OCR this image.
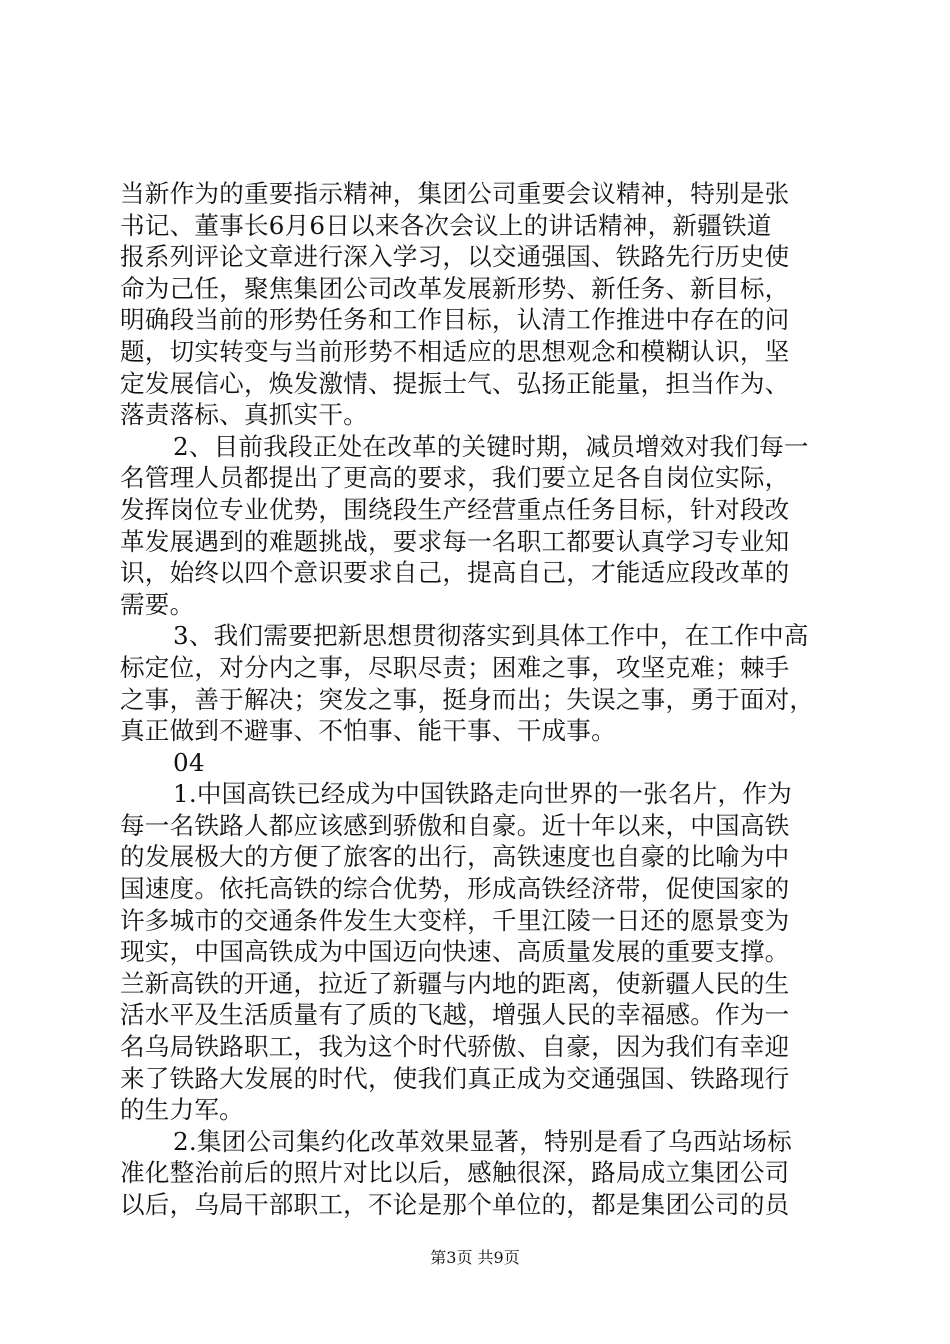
当新作为的重要指示精神，集团公司重要会议精神，特别是张
书记、董事长6月6日以来各次会议上的讲话精神，新疆铁道
报系列评论文章进行深入学习，以交通强国、铁路先行历史使
命为己任，聚焦集团公司改革发展新形势、新任务、新目标，
明确段当前的形势任务和工作目标，认清工作推进中存在的问
题，切实转变与当前形势不相适应的思想观念和模糊认识，坚
定发展信心，焕发激情、提振士气、弘扬正能量，担当作为、
落责落标、真抓实干。
2、目前我段正处在改革的关键时期，减员增效对我们每一
名管理人员都提出了更高的要求，我们要立足各自岗位实际，
发挥岗位专业优势，围绕段生产经营重点任务目标，针对段改
革发展遇到的难题挑战，要求每一名职工都要认真学习专业知
识，始终以四个意识要求自己，提高自己，才能适应段改革的
需要。
3、我们需要把新思想贯彻落实到具体工作中，在工作中高
标定位，对分内之事，尽职尽责；困难之事，攻坚克难；棘手
之事，善于解决；突发之事，挺身而出；失误之事，勇于面对，
真正做到不避事、不怕事、能干事、干成事。
04
1.中国高铁已经成为中国铁路走向世界的一张名片，作为
每一名铁路人都应该感到骄傲和自豪。近十年以来，中国高铁
的发展极大的方便了旅客的出行，高铁速度也自豪的比喻为中
国速度。依托高铁的综合优势，形成高铁经济带，促使国家的
许多城市的交通条件发生大变样，千里江陵一日还的愿景变为
现实，中国高铁成为中国迈向快速、高质量发展的重要支撑。
兰新高铁的开通，拉近了新疆与内地的距离，使新疆人民的生
活水平及生活质量有了质的飞越，增强人民的幸福感。作为一
名乌局铁路职工，我为这个时代骄傲、自豪，因为我们有幸迎
来了铁路大发展的时代，使我们真正成为交通强国、铁路现行
的生力军。
2.集团公司集约化改革效果显著，特别是看了乌西站场标
准化整治前后的照片对比以后，感触很深，路局成立集团公司
以后，乌局干部职工，不论是那个单位的，都是集团公司的员
第3页 共9页
